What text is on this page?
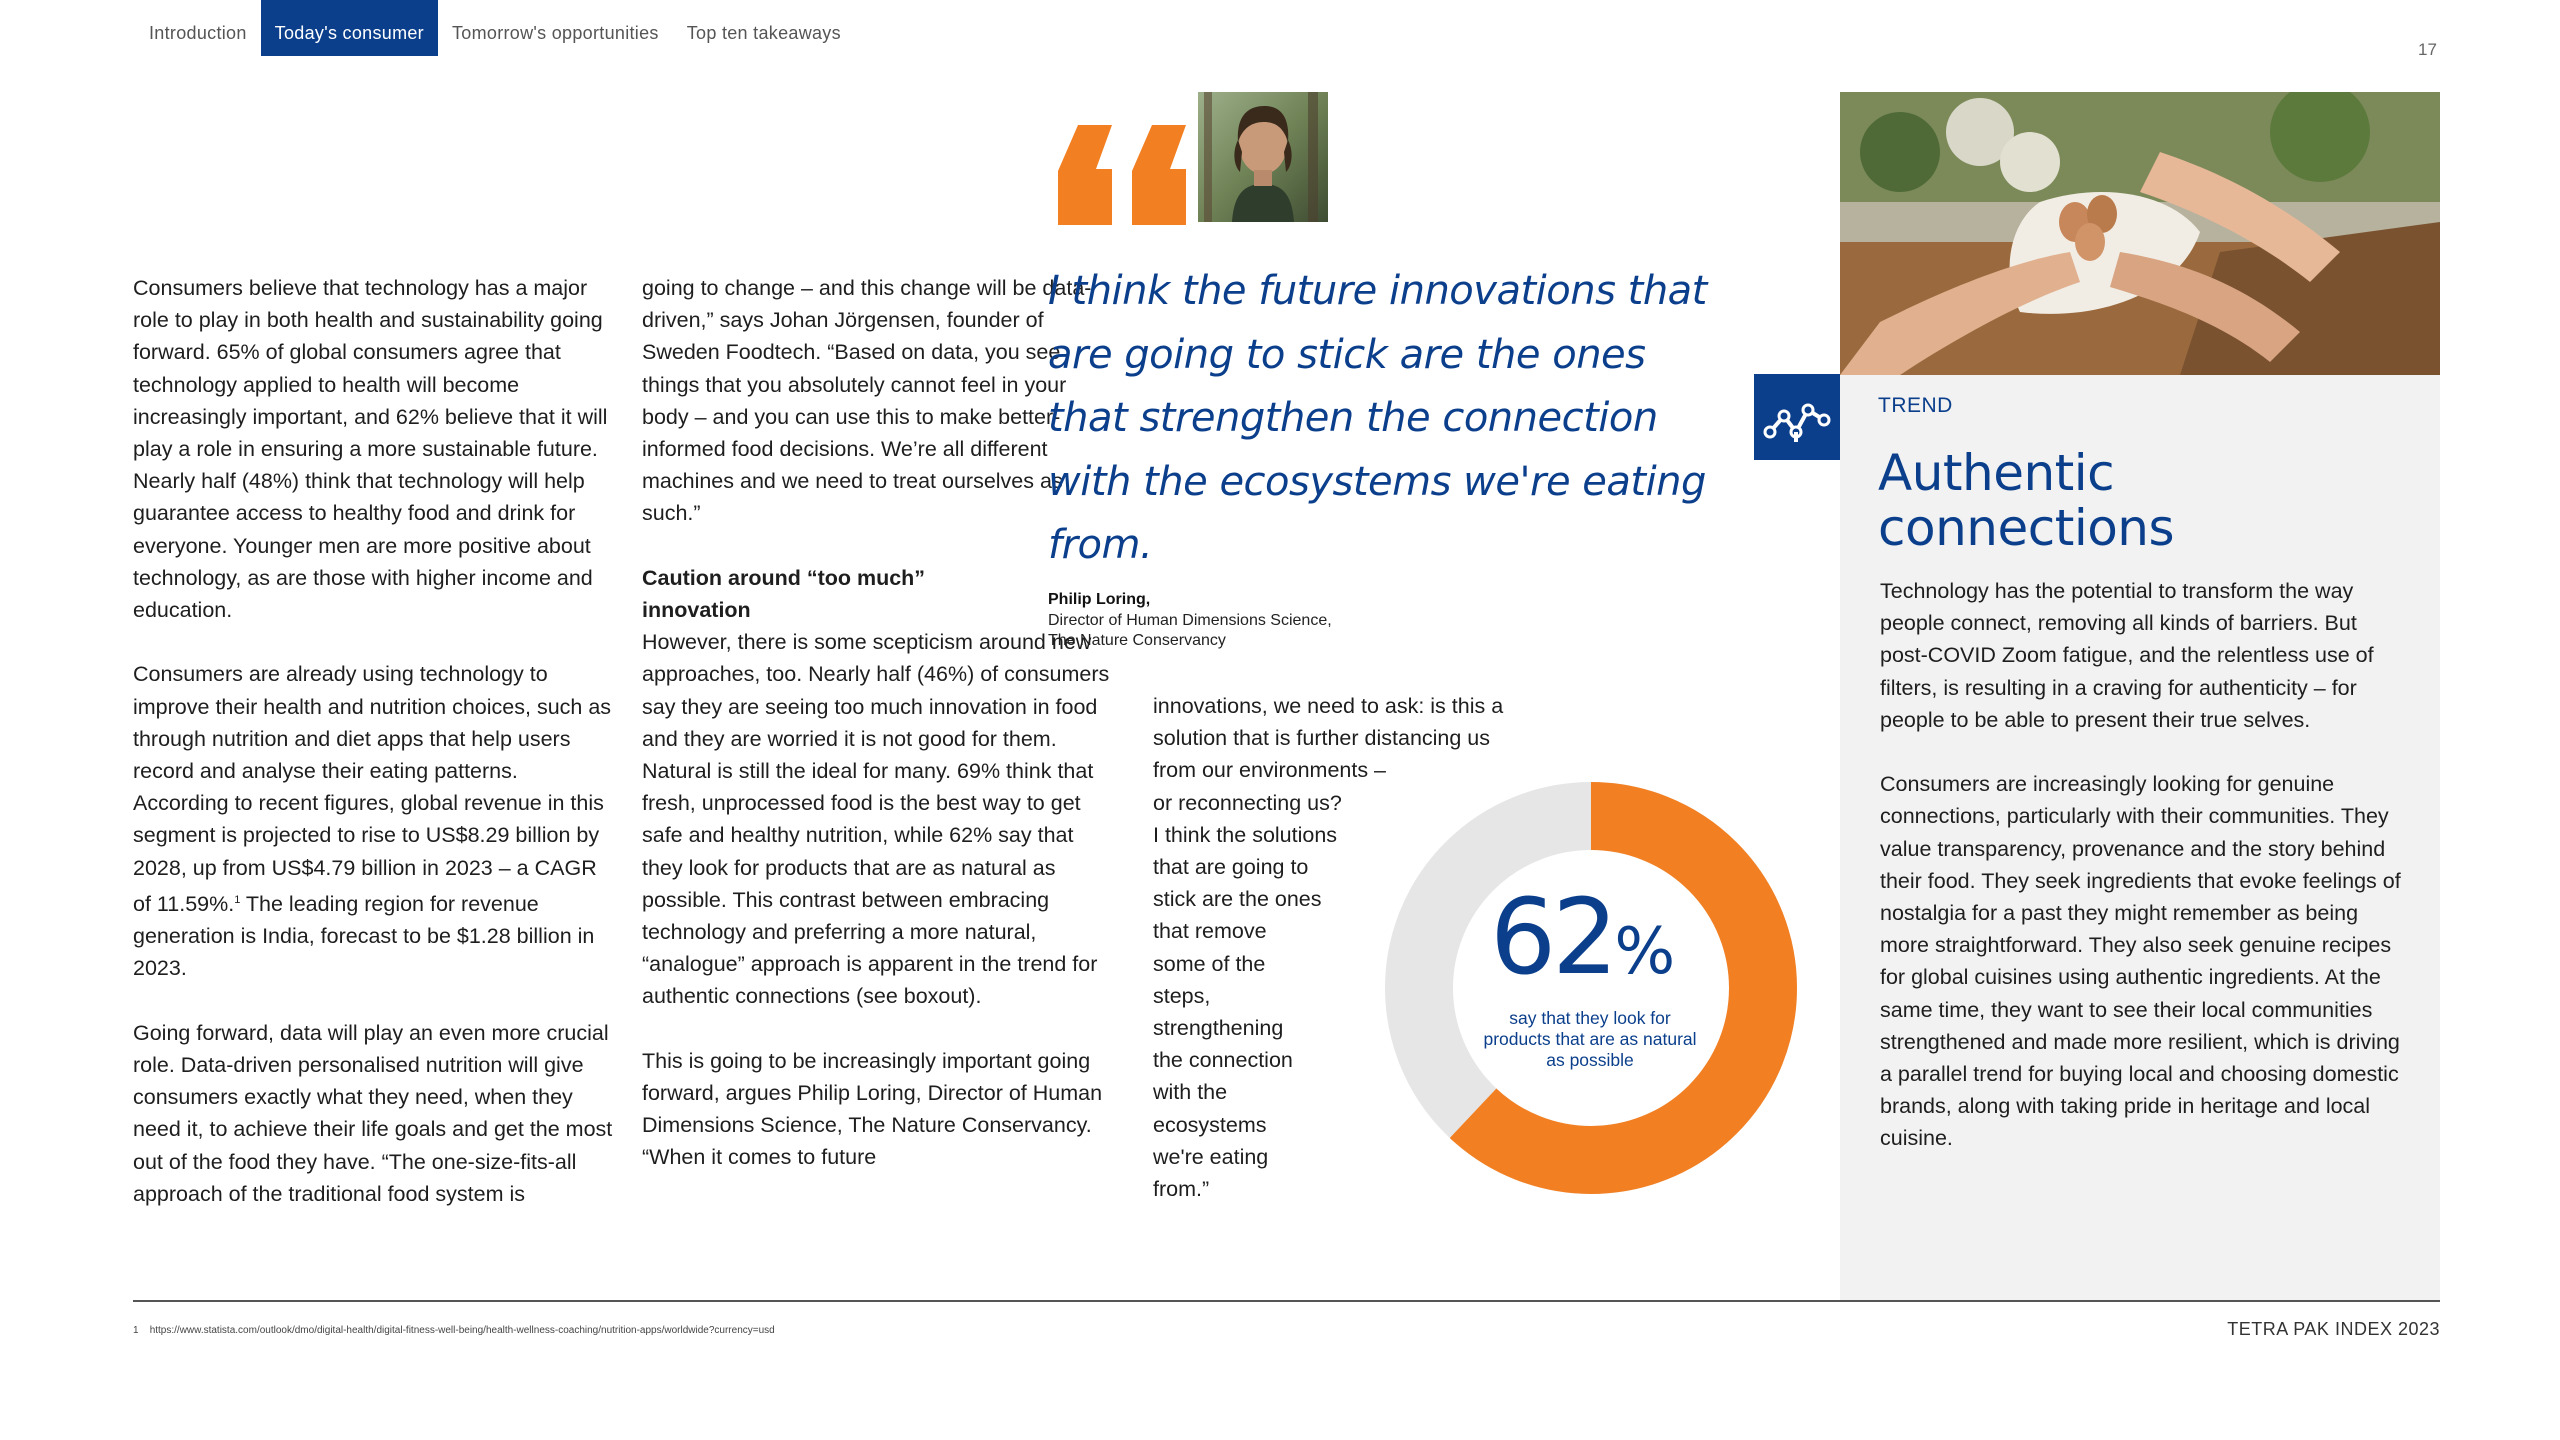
Introduction	Today's consumer	Tomorrow's opportunities	Top ten takeaways
17

Consumers believe that technology has a major role to play in both health and sustainability going forward. 65% of global consumers agree that technology applied to health will become increasingly important, and 62% believe that it will play a role in ensuring a more sustainable future. Nearly half (48%) think that technology will help guarantee access to healthy food and drink for everyone. Younger men are more positive about technology, as are those with higher income and education.

Consumers are already using technology to improve their health and nutrition choices, such as through nutrition and diet apps that help users record and analyse their eating patterns. According to recent figures, global revenue in this segment is projected to rise to US$8.29 billion by 2028, up from US$4.79 billion in 2023 – a CAGR of 11.59%.$^1$ The leading region for revenue generation is India, forecast to be $1.28 billion in 2023.

Going forward, data will play an even more crucial role. Data-driven personalised nutrition will give consumers exactly what they need, when they need it, to achieve their life goals and get the most out of the food they have. “The one-size-fits-all approach of the traditional food system is

going to change – and this change will be data-driven,” says Johan Jörgensen, founder of Sweden Foodtech. “Based on data, you see things that you absolutely cannot feel in your body – and you can use this to make better-informed food decisions. We’re all different machines and we need to treat ourselves as such.”

Caution around “too much” innovation

However, there is some scepticism around new approaches, too. Nearly half (46%) of consumers say they are seeing too much innovation in food and they are worried it is not good for them. Natural is still the ideal for many. 69% think that fresh, unprocessed food is the best way to get safe and healthy nutrition, while 62% say that they look for products that are as natural as possible. This contrast between embracing technology and preferring a more natural, “analogue” approach is apparent in the trend for authentic connections (see boxout).

This is going to be increasingly important going forward, argues Philip Loring, Director of Human Dimensions Science, The Nature Conservancy. “When it comes to future

innovations, we need to ask: is this a
solution that is further distancing us
from our environments –
or reconnecting us?
I think the solutions
that are going to
stick are the ones
that remove
some of the
steps,
strengthening
the connection
with the
ecosystems
we're eating
from.”

I think the future innovations that are going to stick are the ones that strengthen the connection with the ecosystems we're eating from.

Philip Loring,
Director of Human Dimensions Science,
The Nature Conservancy
62%
say that they look for products that are as natural as possible
TREND
Authentic connections

Technology has the potential to transform the way people connect, removing all kinds of barriers. But post-COVID Zoom fatigue, and the relentless use of filters, is resulting in a craving for authenticity – for people to be able to present their true selves.

Consumers are increasingly looking for genuine connections, particularly with their communities. They value transparency, provenance and the story behind their food. They seek ingredients that evoke feelings of nostalgia for a past they might remember as being more straightforward. They also seek genuine recipes for global cuisines using authentic ingredients. At the same time, they want to see their local communities strengthened and made more resilient, which is driving a parallel trend for buying local and choosing domestic brands, along with taking pride in heritage and local cuisine.

1 https://www.statista.com/outlook/dmo/digital-health/digital-fitness-well-being/health-wellness-coaching/nutrition-apps/worldwide?currency=usd	TETRA PAK INDEX 2023
